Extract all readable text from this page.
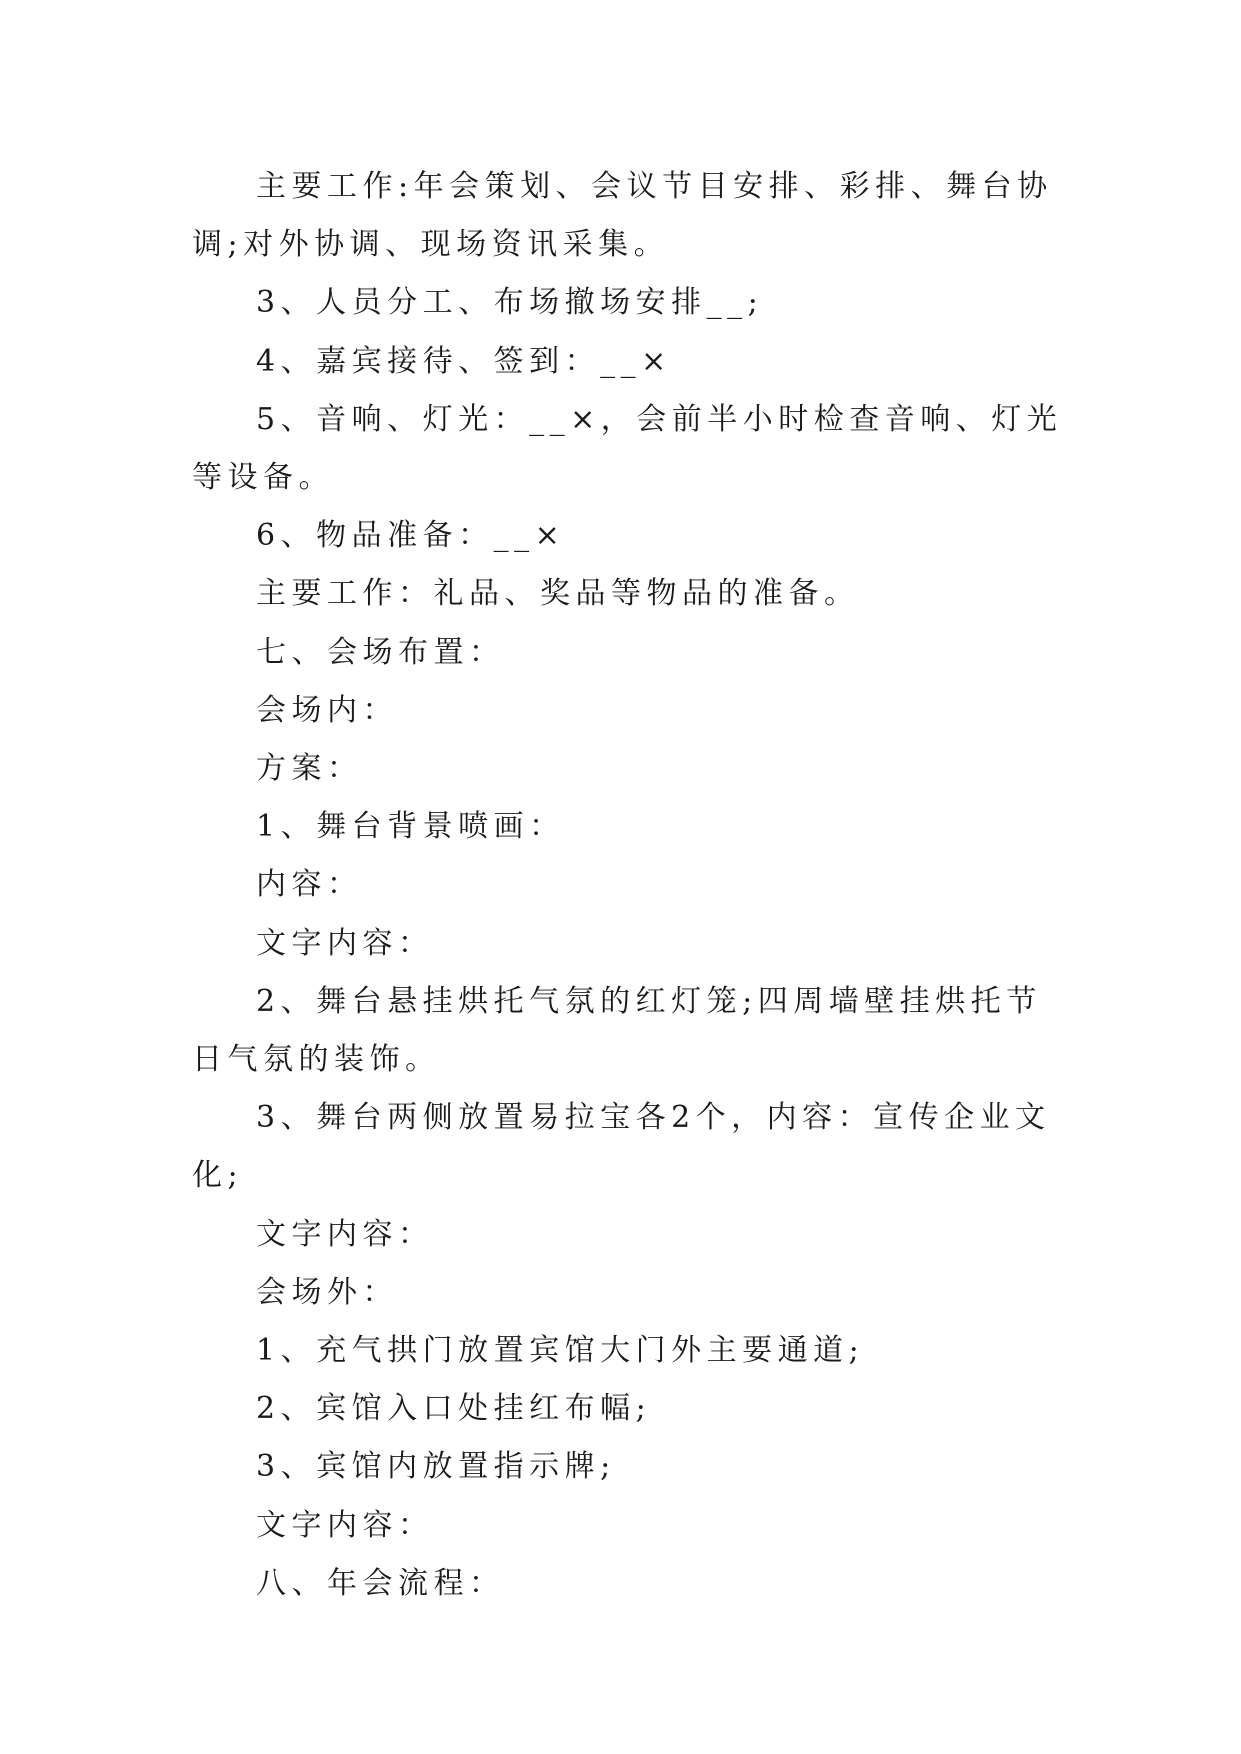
主要工作:年会策划、会议节目安排、彩排、舞台协调;对外协调、现场资讯采集。

3、人员分工、布场撤场安排__;

4、嘉宾接待、签到：__×

5、音响、灯光：__×，会前半小时检查音响、灯光等设备。

6、物品准备：__×

主要工作：礼品、奖品等物品的准备。

七、会场布置：

会场内：

方案：

1、舞台背景喷画：

内容：

文字内容：

2、舞台悬挂烘托气氛的红灯笼;四周墙壁挂烘托节日气氛的装饰。

3、舞台两侧放置易拉宝各2个，内容：宣传企业文化;

文字内容：

会场外：

1、充气拱门放置宾馆大门外主要通道;

2、宾馆入口处挂红布幅;

3、宾馆内放置指示牌;

文字内容：

八、年会流程：
